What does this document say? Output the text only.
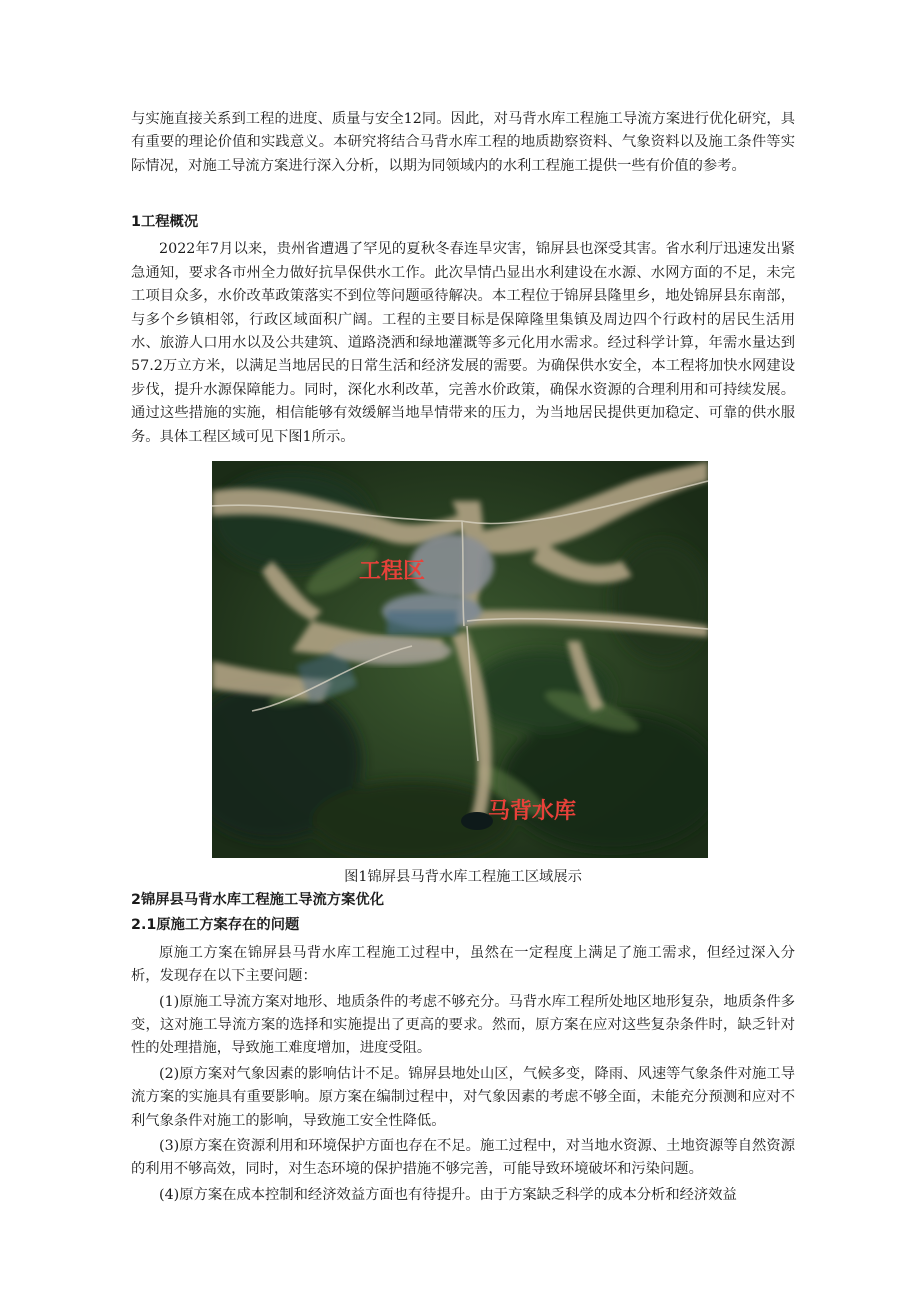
与实施直接关系到工程的进度、质量与安全12同。因此，对马背水库工程施工导流方案进行优化研究，具有重要的理论价值和实践意义。本研究将结合马背水库工程的地质勘察资料、气象资料以及施工条件等实际情况，对施工导流方案进行深入分析，以期为同领域内的水利工程施工提供一些有价值的参考。

1工程概况

2022年7月以来，贵州省遭遇了罕见的夏秋冬春连旱灾害，锦屏县也深受其害。省水利厅迅速发出紧急通知，要求各市州全力做好抗旱保供水工作。此次旱情凸显出水利建设在水源、水网方面的不足，未完工项目众多，水价改革政策落实不到位等问题亟待解决。本工程位于锦屏县隆里乡，地处锦屏县东南部，与多个乡镇相邻，行政区域面积广阔。工程的主要目标是保障隆里集镇及周边四个行政村的居民生活用水、旅游人口用水以及公共建筑、道路浇洒和绿地灌溉等多元化用水需求。经过科学计算，年需水量达到57.2万立方米，以满足当地居民的日常生活和经济发展的需要。为确保供水安全，本工程将加快水网建设步伐，提升水源保障能力。同时，深化水利改革，完善水价政策，确保水资源的合理利用和可持续发展。通过这些措施的实施，相信能够有效缓解当地旱情带来的压力，为当地居民提供更加稳定、可靠的供水服务。具体工程区域可见下图1所示。

工程区
马背水库
图1锦屏县马背水库工程施工区域展示
2锦屏县马背水库工程施工导流方案优化
2.1原施工方案存在的问题

原施工方案在锦屏县马背水库工程施工过程中，虽然在一定程度上满足了施工需求，但经过深入分析，发现存在以下主要问题：

(1)原施工导流方案对地形、地质条件的考虑不够充分。马背水库工程所处地区地形复杂，地质条件多变，这对施工导流方案的选择和实施提出了更高的要求。然而，原方案在应对这些复杂条件时，缺乏针对性的处理措施，导致施工难度增加，进度受阻。

(2)原方案对气象因素的影响估计不足。锦屏县地处山区，气候多变，降雨、风速等气象条件对施工导流方案的实施具有重要影响。原方案在编制过程中，对气象因素的考虑不够全面，未能充分预测和应对不利气象条件对施工的影响，导致施工安全性降低。

(3)原方案在资源利用和环境保护方面也存在不足。施工过程中，对当地水资源、土地资源等自然资源的利用不够高效，同时，对生态环境的保护措施不够完善，可能导致环境破坏和污染问题。

(4)原方案在成本控制和经济效益方面也有待提升。由于方案缺乏科学的成本分析和经济效益
